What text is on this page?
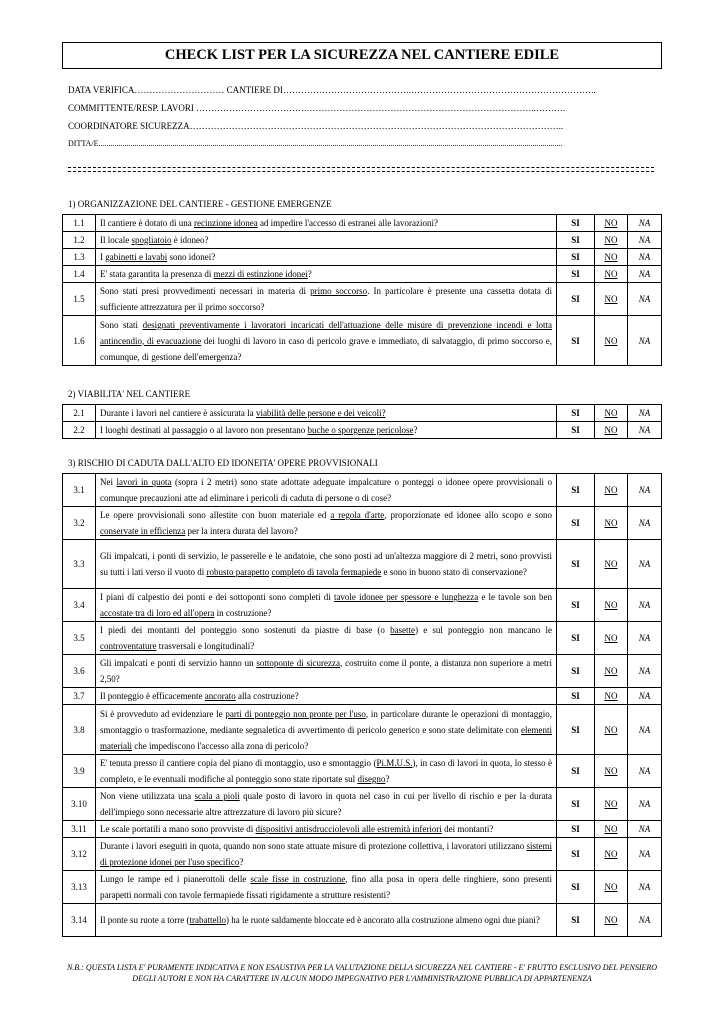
CHECK LIST PER LA SICUREZZA NEL CANTIERE EDILE
DATA VERIFICA………………………… CANTIERE DI…………………………………….……………………………………………………..
COMMITTENTE/RESP. LAVORI ……………………………….…………………………………………………………………..……….
COORDINATORE SICUREZZA……………………………………………………………………………………………………………..
DITTA/E........................................................................................................................................................................................................................................
1) ORGANIZZAZIONE DEL CANTIERE - GESTIONE EMERGENZE
1.1	Il cantiere è dotato di una recinzione idonea ad impedire l'accesso di estranei alle lavorazioni?	SI	NO	NA
1.2	Il locale spogliatoio è idoneo?	SI	NO	NA
1.3	I gabinetti e lavabi sono idonei?	SI	NO	NA
1.4	E' stata garantita la presenza di mezzi di estinzione idonei?	SI	NO	NA
1.5	Sono stati presi provvedimenti necessari in materia di primo soccorso. In particolare è presente una cassetta dotata di sufficiente attrezzatura per il primo soccorso?	SI	NO	NA
1.6	Sono stati designati preventivamente i lavoratori incaricati dell'attuazione delle misure di prevenzione incendi e lotta antincendio, di evacuazione dei luoghi di lavoro in caso di pericolo grave e immediato, di salvataggio, di primo soccorso e, comunque, di gestione dell'emergenza?	SI	NO	NA
2) VIABILITA' NEL CANTIERE
2.1	Durante i lavori nel cantiere è assicurata la viabilità delle persone e dei veicoli?	SI	NO	NA
2.2	I luoghi destinati al passaggio o al lavoro non presentano buche o sporgenze pericolose?	SI	NO	NA
3) RISCHIO DI CADUTA DALL'ALTO ED IDONEITA' OPERE PROVVISIONALI
3.1	Nei lavori in quota (sopra i 2 metri) sono state adottate adeguate impalcature o ponteggi o idonee opere provvisionali o comunque precauzioni atte ad eliminare i pericoli di caduta di persone o di cose?	SI	NO	NA
3.2	Le opere provvisionali sono allestite con buon materiale ed a regola d'arte, proporzionate ed idonee allo scopo e sono conservate in efficienza per la intera durata del lavoro?	SI	NO	NA
3.3	Gli impalcati, i ponti di servizio, le passerelle e le andatoie, che sono posti ad un'altezza maggiore di 2 metri, sono provvisti su tutti i lati verso il vuoto di robusto parapetto completo di tavola fermapiede e sono in buono stato di conservazione?	SI	NO	NA
3.4	I piani di calpestio dei ponti e dei sottoponti sono completi di tavole idonee per spessore e lunghezza e le tavole son ben accostate tra di loro ed all'opera in costruzione?	SI	NO	NA
3.5	I piedi dei montanti del ponteggio sono sostenuti da piastre di base (o basette) e sul ponteggio non mancano le controventature trasversali e longitudinali?	SI	NO	NA
3.6	Gli impalcati e ponti di servizio hanno un sottoponte di sicurezza, costruito come il ponte, a distanza non superiore a metri 2,50?	SI	NO	NA
3.7	Il ponteggio è efficacemente ancorato alla costruzione?	SI	NO	NA
3.8	Si è provveduto ad evidenziare le parti di ponteggio non pronte per l'uso, in particolare durante le operazioni di montaggio, smontaggio o trasformazione, mediante segnaletica di avvertimento di pericolo generico e sono state delimitate con elementi materiali che impediscono l'accesso alla zona di pericolo?	SI	NO	NA
3.9	E' tenuta presso il cantiere copia del piano di montaggio, uso e smontaggio (Pi.M.U.S.), in caso di lavori in quota, lo stesso è completo, e le eventuali modifiche al ponteggio sono state riportate sul disegno?	SI	NO	NA
3.10	Non viene utilizzata una scala a pioli quale posto di lavoro in quota nel caso in cui per livello di rischio e per la durata dell'impiego sono necessarie altre attrezzature di lavoro più sicure?	SI	NO	NA
3.11	Le scale portatili a mano sono provviste di dispositivi antisdrucciolevoli alle estremità inferiori dei montanti?	SI	NO	NA
3.12	Durante i lavori eseguiti in quota, quando non sono state attuate misure di protezione collettiva, i lavoratori utilizzano sistemi di protezione idonei per l'uso specifico?	SI	NO	NA
3.13	Lungo le rampe ed i pianerottoli delle scale fisse in costruzione, fino alla posa in opera delle ringhiere, sono presenti parapetti normali con tavole fermapiede fissati rigidamente a strutture resistenti?	SI	NO	NA
3.14	Il ponte su ruote a torre (trabattello) ha le ruote saldamente bloccate ed è ancorato alla costruzione almeno ogni due piani?	SI	NO	NA
N.B.: QUESTA LISTA E' PURAMENTE INDICATIVA E NON ESAUSTIVA PER LA VALUTAZIONE DELLA SICUREZZA NEL CANTIERE - E' FRUTTO ESCLUSIVO DEL PENSIERO DEGLI AUTORI E NON HA CARATTERE IN ALCUN MODO IMPEGNATIVO PER L'AMMINISTRAZIONE PUBBLICA DI APPARTENENZA
